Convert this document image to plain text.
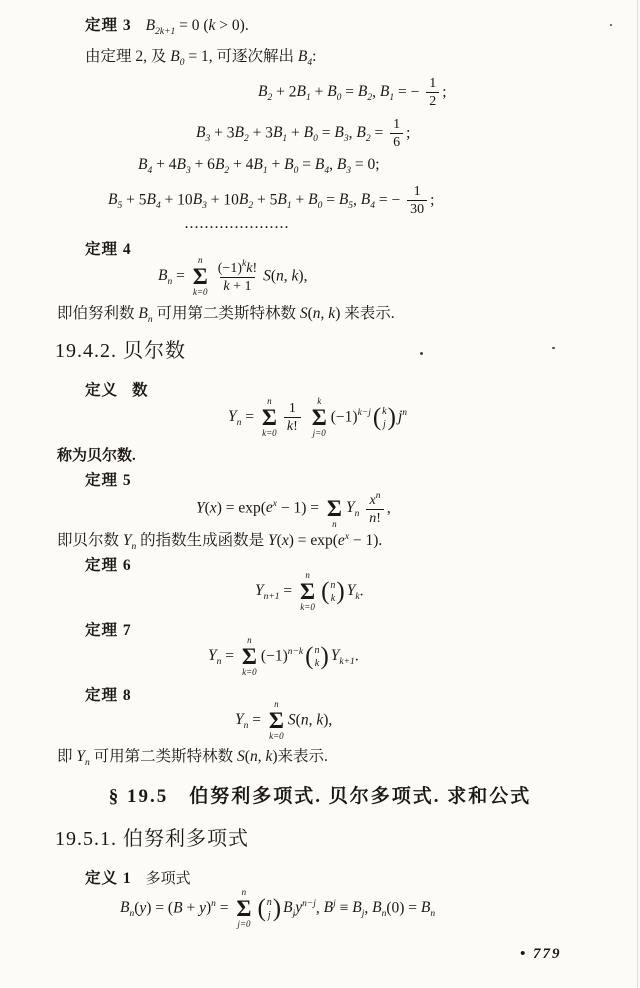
定理 3 $B_{2k+1} = 0$ (k > 0).
由定理 2, 及 $B_0 = 1$, 可逐次解出 $B_4$:
$B_2 + 2B_1 + B_0 = B_2$, $B_1$ = − $\frac{1}{2}$ ;
$B_3 + 3B_2 + 3B_1 + B_0 = B_3$, $B_2 = \frac{1}{6}$ ;
$B_4 + 4B_3 + 6B_2 + 4B_1 + B_0 = B_4$, $B_3 = 0$;
$B_5 + 5B_4 + 10B_3 + 10B_2 + 5B_1 + B_0 = B_5$, $B_4$ = − $\frac{1}{30}$ ;
.....................
定理 4
$B_n$ =
n
Σ
$k=0 \frac{(-1)^kk!}{k + 1} S(n$, k),
即伯努利数 $B_n$ 可用第二类斯特林数 S(n, k) 来表示.
19.4.2. 贝尔数
定义 数
$Y_n$ =
n
Σ
$k=0 \frac{1}{k!}$

k
Σ
j=0
$(-1)^{k-j}$ ( k
j ) $j^n$
称为贝尔数.
定理 5
$Y(x) = \exp(e^x - 1) = \Sigma$
n
$Y_n \frac{x^n}{n!}$ ,
即贝尔数 $Y_n$ 的指数生成函数是 $Y(x) = \exp(e^x - 1)$.
定理 6
$Y_{n+1}$ =
n
Σ
k=0
( n
k ) $Y_k$.
定理 7
$Y_n$ =
n
Σ
k=0
$(-1)^{n-k}$ ( n
k ) $Y_{k+1}$.
定理 8
$Y_n$ =
n
Σ
k=0
S(n, k),
即 $Y_n$ 可用第二类斯特林数 S(n, k)来表示.
§ 19.5　伯努利多项式. 贝尔多项式. 求和公式
19.5.1. 伯努利多项式
定义 1 多项式
$B_n(y) = (B + y)^n$ =
n
Σ
j=0
( n
j ) $B_jy^{n-j}$, $B^j \equiv B_j$, $B_n(0) = B_n$
• 779
